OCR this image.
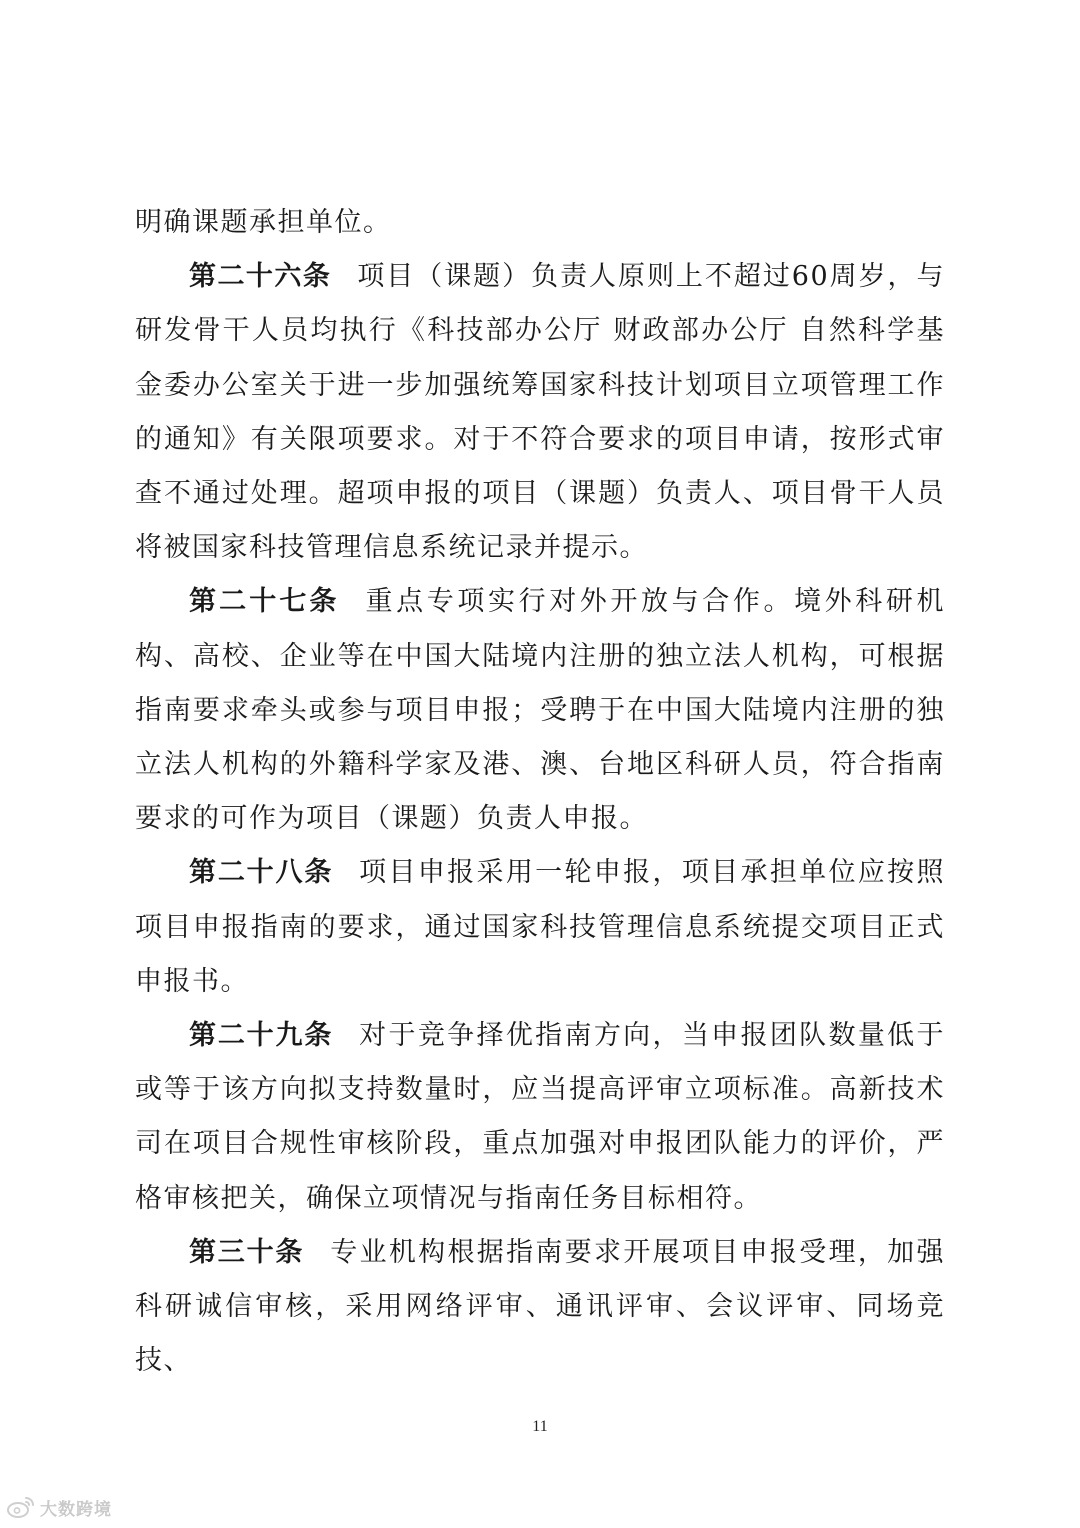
明确课题承担单位。

第二十六条 项目（课题）负责人原则上不超过60周岁，与研发骨干人员均执行《科技部办公厅 财政部办公厅 自然科学基金委办公室关于进一步加强统筹国家科技计划项目立项管理工作的通知》有关限项要求。对于不符合要求的项目申请，按形式审查不通过处理。超项申报的项目（课题）负责人、项目骨干人员将被国家科技管理信息系统记录并提示。

第二十七条 重点专项实行对外开放与合作。境外科研机构、高校、企业等在中国大陆境内注册的独立法人机构，可根据指南要求牵头或参与项目申报；受聘于在中国大陆境内注册的独立法人机构的外籍科学家及港、澳、台地区科研人员，符合指南要求的可作为项目（课题）负责人申报。

第二十八条 项目申报采用一轮申报，项目承担单位应按照项目申报指南的要求，通过国家科技管理信息系统提交项目正式申报书。

第二十九条 对于竞争择优指南方向，当申报团队数量低于或等于该方向拟支持数量时，应当提高评审立项标准。高新技术司在项目合规性审核阶段，重点加强对申报团队能力的评价，严格审核把关，确保立项情况与指南任务目标相符。

第三十条 专业机构根据指南要求开展项目申报受理，加强科研诚信审核，采用网络评审、通讯评审、会议评审、同场竞技、

11
大数跨境
